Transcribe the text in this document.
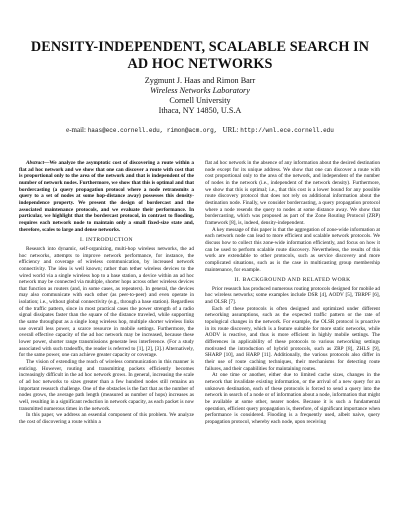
DENSITY-INDEPENDENT, SCALABLE SEARCH IN AD HOC NETWORKS
Zygmunt J. Haas and Rimon Barr
Wireless Networks Laboratory
Cornell University
Ithaca, NY 14850, U.S.A
e-mail: haas@ece.cornell.edu, rimon@acm.org, URL: http://wnl.ece.cornell.edu

Abstract—We analyze the asymptotic cost of discovering a route within a flat ad hoc network and we show that one can discover a route with cost that is proportional only to the area of the network and that is independent of the number of network nodes. Furthermore, we show that this is optimal and that bordercasting (a query propagation protocol where a node retransmits a query to a set of nodes at some hop-distance away) possesses this density-independence property. We present the design of bordercast and the associated maintenance protocols, and we evaluate their performance. In particular, we highlight that the bordercast protocol, in contrast to flooding, requires each network node to maintain only a small fixed-size state and, therefore, scales to large and dense networks.

I. INTRODUCTION

Research into dynamic, self-organizing, multi-hop wireless networks, the ad hoc networks, attempts to improve network performance, for instance, the efficiency and coverage of wireless communication, by increased network connectivity. The idea is well known; rather than tether wireless devices to the wired world via a single wireless hop to a base station, a device within an ad hoc network may be connected via multiple, shorter hops across other wireless devices that function as routers (and, in some cases, as repeaters). In general, the devices may also communicate with each other (as peer-to-peer) and even operate in isolation; i.e., without global connectivity (e.g., through a base station). Regardless of the traffic pattern, since in most practical cases the power strength of a radio signal dissipates faster than the square of the distance traveled, while supporting the same throughput as a single long wireless hop, multiple shorter wireless links use overall less power, a scarce resource in mobile settings. Furthermore, the overall effective capacity of the ad hoc network may be increased, because these lower power, shorter range transmissions generate less interference. (For a study associated with such tradeoffs, the reader is referred to [1], [2], [3].) Alternatively, for the same power, one can achieve greater capacity or coverage.

The vision of extending the reach of wireless communication in this manner is enticing. However, routing and transmitting packets efficiently becomes increasingly difficult in the ad hoc network grows. In general, increasing the scale of ad hoc networks to sizes greater than a few hundred nodes still remains an important research challenge. One of the obstacles is the fact that as the number of nodes grows, the average path length (measured as number of hops) increases as well, resulting in a significant reduction in network capacity, as each packet is now transmitted numerous times in the network.

In this paper, we address an essential component of this problem. We analyze the cost of discovering a route within a

flat ad hoc network in the absence of any information about the desired destination node except for its unique address. We show that one can discover a route with cost proportional only to the area of the network, and independent of the number of nodes in the network (i.e., independent of the network density). Furthermore, we show that this is optimal; i.e., that this cost is a lower bound for any possible route discovery protocol that does not rely on additional information about the destination node. Finally, we consider bordercasting, a query propagation protocol where a node resends the query to nodes at some distance away. We show that bordercasting, which was proposed as part of the Zone Routing Protocol (ZRP) framework [8], is, indeed, density-independent.

A key message of this paper is that the aggregation of zone-wide information at each network node can lead to more efficient and scalable network protocols. We discuss how to collect this zone-wide information efficiently, and focus on how it can be used to perform scalable route discovery. Nevertheless, the results of this work are extendable to other protocols, such as service discovery and more complicated situations, such as is the case in multicasting group membership maintenance, for example.

II. BACKGROUND AND RELATED WORK

Prior research has produced numerous routing protocols designed for mobile ad hoc wireless networks; some examples include DSR [4], AODV [5], TBRPF [6], and OLSR [7].

Each of these protocols is often designed and optimized under different networking assumptions, such as the expected traffic pattern or the rate of topological changes in the network. For example, the OLSR protocol is proactive in its route discovery, which is a feature suitable for more static networks, while AODV is reactive, and thus is more efficient in highly mobile settings. The differences in applicability of these protocols to various networking settings motivated the introduction of hybrid protocols, such as ZRP [8], ZHLS [9], SHARP [10], and HARP [11]. Additionally, the various protocols also differ in their use of route caching techniques, their mechanisms for detecting route failures, and their capabilities for maintaining routes.

At one time or another, either due to limited cache sizes, changes in the network that invalidate existing information, or the arrival of a new query for an unknown destination, each of these protocols is forced to send a query into the network in search of a node or of information about a node, information that might be available at some other, nearer nodes. Because it is such a fundamental operation, efficient query propagation is, therefore, of significant importance when performance is considered. Flooding is a frequently used, albeit naive, query propagation protocol, whereby each node, upon receiving
